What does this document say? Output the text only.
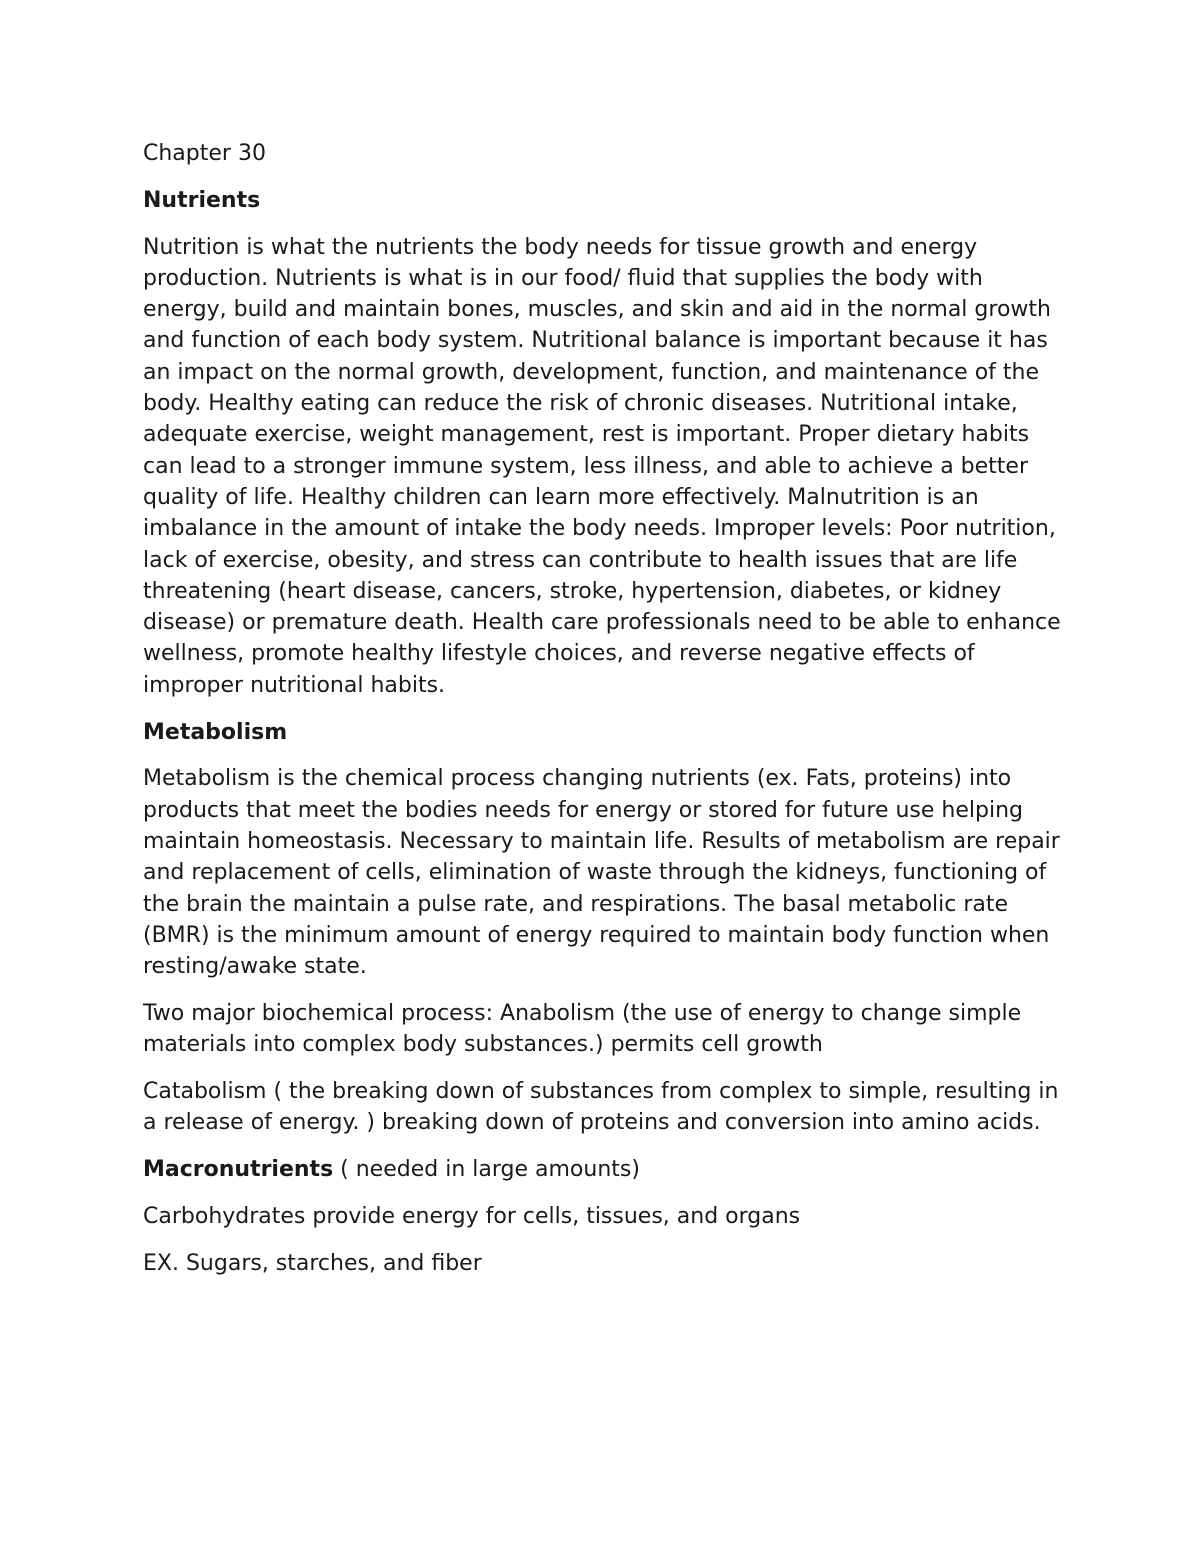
Chapter 30

Nutrients

Nutrition is what the nutrients the body needs for tissue growth and energy production. Nutrients is what is in our food/ fluid that supplies the body with energy, build and maintain bones, muscles, and skin and aid in the normal growth and function of each body system. Nutritional balance is important because it has an impact on the normal growth, development, function, and maintenance of the body. Healthy eating can reduce the risk of chronic diseases. Nutritional intake, adequate exercise, weight management, rest is important. Proper dietary habits can lead to a stronger immune system, less illness, and able to achieve a better quality of life. Healthy children can learn more effectively. Malnutrition is an imbalance in the amount of intake the body needs. Improper levels: Poor nutrition, lack of exercise, obesity, and stress can contribute to health issues that are life threatening (heart disease, cancers, stroke, hypertension, diabetes, or kidney disease) or premature death. Health care professionals need to be able to enhance wellness, promote healthy lifestyle choices, and reverse negative effects of improper nutritional habits.

Metabolism

Metabolism is the chemical process changing nutrients (ex. Fats, proteins) into products that meet the bodies needs for energy or stored for future use helping maintain homeostasis. Necessary to maintain life. Results of metabolism are repair and replacement of cells, elimination of waste through the kidneys, functioning of the brain the maintain a pulse rate, and respirations. The basal metabolic rate (BMR) is the minimum amount of energy required to maintain body function when resting/awake state.

Two major biochemical process: Anabolism (the use of energy to change simple materials into complex body substances.) permits cell growth

Catabolism ( the breaking down of substances from complex to simple, resulting in a release of energy. ) breaking down of proteins and conversion into amino acids.

Macronutrients ( needed in large amounts)

Carbohydrates provide energy for cells, tissues, and organs

EX. Sugars, starches, and fiber
